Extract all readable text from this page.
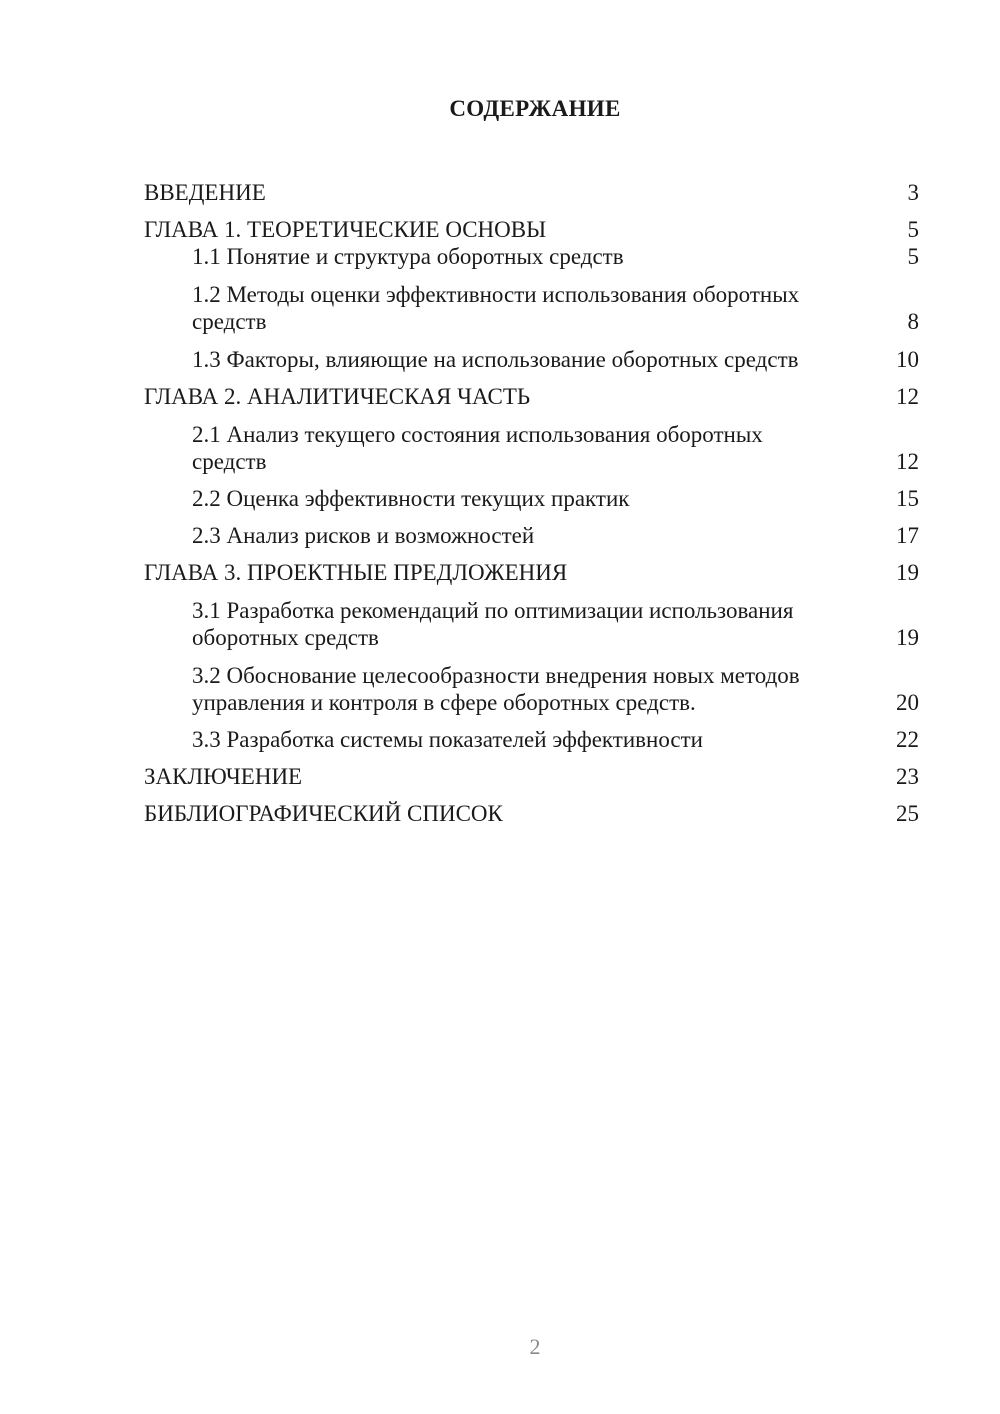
СОДЕРЖАНИЕ
ВВЕДЕНИЕ	3
ГЛАВА 1. ТЕОРЕТИЧЕСКИЕ ОСНОВЫ	5
1.1 Понятие и структура оборотных средств	5
1.2 Методы оценки эффективности использования оборотных средств	8
1.3 Факторы, влияющие на использование оборотных средств	10
ГЛАВА 2. АНАЛИТИЧЕСКАЯ ЧАСТЬ	12
2.1 Анализ текущего состояния использования оборотных средств	12
2.2 Оценка эффективности текущих практик	15
2.3 Анализ рисков и возможностей	17
ГЛАВА 3. ПРОЕКТНЫЕ ПРЕДЛОЖЕНИЯ	19
3.1 Разработка рекомендаций по оптимизации использования оборотных средств	19
3.2 Обоснование целесообразности внедрения новых методов управления и контроля в сфере оборотных средств.	20
3.3 Разработка системы показателей эффективности	22
ЗАКЛЮЧЕНИЕ	23
БИБЛИОГРАФИЧЕСКИЙ СПИСОК	25
2
